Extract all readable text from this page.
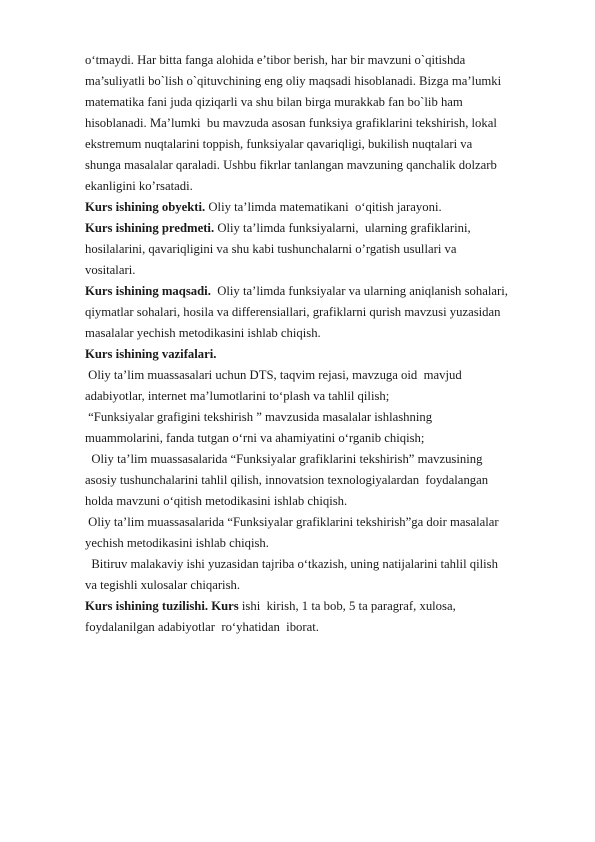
o‘tmaydi. Har bitta fanga alohida e’tibor berish, har bir mavzuni o`qitishda
ma’suliyatli bo`lish o`qituvchining eng oliy maqsadi hisoblanadi. Bizga ma’lumki
matematika fani juda qiziqarli va shu bilan birga murakkab fan bo`lib ham
hisoblanadi. Ma’lumki  bu mavzuda asosan funksiya grafiklarini tekshirish, lokal
ekstremum nuqtalarini toppish, funksiyalar qavariqligi, bukilish nuqtalari va
shunga masalalar qaraladi. Ushbu fikrlar tanlangan mavzuning qanchalik dolzarb
ekanligini ko’rsatadi.
Kurs ishining obyekti. Oliy ta’limda matematikani  o‘qitish jarayoni.
Kurs ishining predmeti. Oliy ta’limda funksiyalarni,  ularning grafiklarini,
hosilalarini, qavariqligini va shu kabi tushunchalarni o’rgatish usullari va
vositalari.
Kurs ishining maqsadi.  Oliy ta’limda funksiyalar va ularning aniqlanish sohalari,
qiymatlar sohalari, hosila va differensiallari, grafiklarni qurish mavzusi yuzasidan
masalalar yechish metodikasini ishlab chiqish.
Kurs ishining vazifalari.
Oliy ta’lim muassasalari uchun DTS, taqvim rejasi, mavzuga oid  mavjud
adabiyotlar, internet ma’lumotlarini to‘plash va tahlil qilish;
“Funksiyalar grafigini tekshirish ” mavzusida masalalar ishlashning
muammolarini, fanda tutgan o‘rni va ahamiyatini o‘rganib chiqish;
Oliy ta’lim muassasalarida “Funksiyalar grafiklarini tekshirish” mavzusining
asosiy tushunchalarini tahlil qilish, innovatsion texnologiyalardan  foydalangan
holda mavzuni o‘qitish metodikasini ishlab chiqish.
Oliy ta’lim muassasalarida “Funksiyalar grafiklarini tekshirish”ga doir masalalar
yechish metodikasini ishlab chiqish.
Bitiruv malakaviy ishi yuzasidan tajriba o‘tkazish, uning natijalarini tahlil qilish
va tegishli xulosalar chiqarish.
Kurs ishining tuzilishi. Kurs ishi  kirish, 1 ta bob, 5 ta paragraf, xulosa,
foydalanilgan adabiyotlar  ro‘yhatidan  iborat.
